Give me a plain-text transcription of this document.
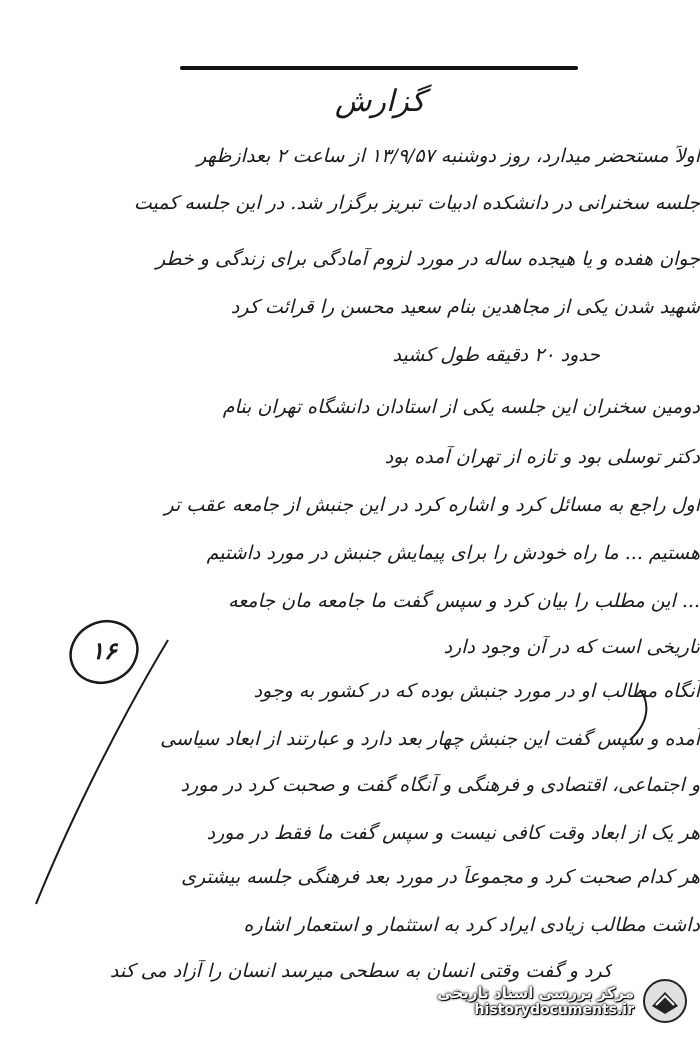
گزارش
اولاً مستحضر میدارد، روز دوشنبه ۱۳/۹/۵۷ از ساعت ۲ بعدازظهر
جلسه سخنرانی در دانشکده ادبیات تبریز برگزار شد. در این جلسه کمیت
جوان هفده و یا هیجده ساله در مورد لزوم آمادگی برای زندگی و خطر
شهید شدن یکی از مجاهدین بنام سعید محسن را قرائت کرد
حدود ۲۰ دقیقه طول کشید
دومین سخنران این جلسه یکی از استادان دانشگاه تهران بنام
دکتر توسلی بود و تازه از تهران آمده بود
اول راجع به مسائل کرد و اشاره کرد در این جنبش از جامعه عقب تر
هستیم ... ما راه خودش را برای پیمایش جنبش در مورد داشتیم
... این مطلب را بیان کرد و سپس گفت ما جامعه مان جامعه
تاریخی است که در آن وجود دارد
آنگاه مطالب او در مورد جنبش بوده که در کشور به وجود
آمده و سپس گفت این جنبش چهار بعد دارد و عبارتند از ابعاد سیاسی
و اجتماعی، اقتصادی و فرهنگی و آنگاه گفت و صحبت کرد در مورد
هر یک از ابعاد وقت کافی نیست و سپس گفت ما فقط در مورد
هر کدام صحبت کرد و مجموعاً در مورد بعد فرهنگی جلسه بیشتری
داشت مطالب زیادی ایراد کرد به استثمار و استعمار اشاره
کرد و گفت وقتی انسان به سطحی میرسد انسان را آزاد می کند
۱۶
مرکز بررسی اسناد تاریخی
historydocuments.ir
